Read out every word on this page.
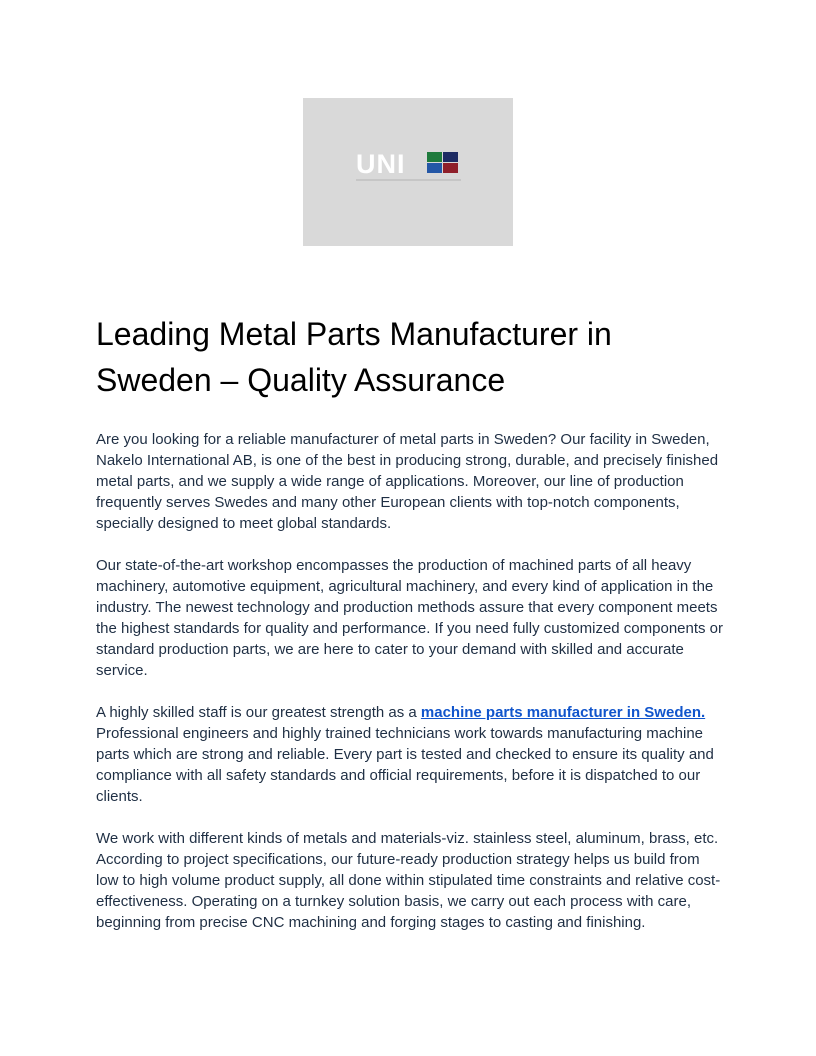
UNI
Leading Metal Parts Manufacturer in Sweden – Quality Assurance

Are you looking for a reliable manufacturer of metal parts in Sweden? Our facility in Sweden, Nakelo International AB, is one of the best in producing strong, durable, and precisely finished metal parts, and we supply a wide range of applications. Moreover, our line of production frequently serves Swedes and many other European clients with top-notch components, specially designed to meet global standards.

Our state-of-the-art workshop encompasses the production of machined parts of all heavy machinery, automotive equipment, agricultural machinery, and every kind of application in the industry. The newest technology and production methods assure that every component meets the highest standards for quality and performance. If you need fully customized components or standard production parts, we are here to cater to your demand with skilled and accurate service.

A highly skilled staff is our greatest strength as a machine parts manufacturer in Sweden. Professional engineers and highly trained technicians work towards manufacturing machine parts which are strong and reliable. Every part is tested and checked to ensure its quality and compliance with all safety standards and official requirements, before it is dispatched to our clients.

We work with different kinds of metals and materials-viz. stainless steel, aluminum, brass, etc. According to project specifications, our future-ready production strategy helps us build from low to high volume product supply, all done within stipulated time constraints and relative cost-effectiveness. Operating on a turnkey solution basis, we carry out each process with care, beginning from precise CNC machining and forging stages to casting and finishing.
